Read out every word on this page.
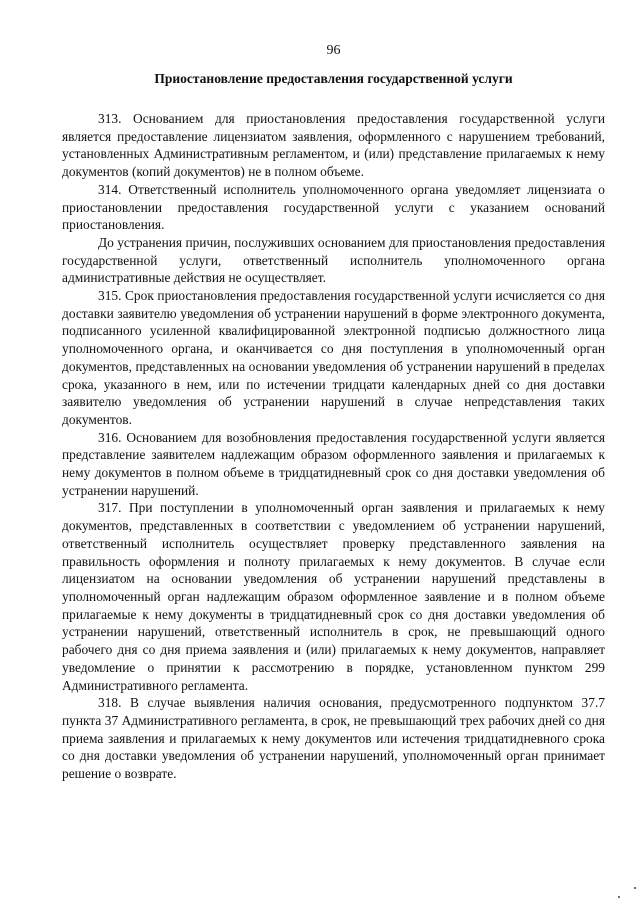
96
Приостановление предоставления государственной услуги

313. Основанием для приостановления предоставления государственной услуги является предоставление лицензиатом заявления, оформленного с нарушением требований, установленных Административным регламентом, и (или) представление прилагаемых к нему документов (копий документов) не в полном объеме.

314. Ответственный исполнитель уполномоченного органа уведомляет лицензиата о приостановлении предоставления государственной услуги с указанием оснований приостановления.

До устранения причин, послуживших основанием для приостановления предоставления государственной услуги, ответственный исполнитель уполномоченного органа административные действия не осуществляет.

315. Срок приостановления предоставления государственной услуги исчисляется со дня доставки заявителю уведомления об устранении нарушений в форме электронного документа, подписанного усиленной квалифицированной электронной подписью должностного лица уполномоченного органа, и оканчивается со дня поступления в уполномоченный орган документов, представленных на основании уведомления об устранении нарушений в пределах срока, указанного в нем, или по истечении тридцати календарных дней со дня доставки заявителю уведомления об устранении нарушений в случае непредставления таких документов.

316. Основанием для возобновления предоставления государственной услуги является представление заявителем надлежащим образом оформленного заявления и прилагаемых к нему документов в полном объеме в тридцатидневный срок со дня доставки уведомления об устранении нарушений.

317. При поступлении в уполномоченный орган заявления и прилагаемых к нему документов, представленных в соответствии с уведомлением об устранении нарушений, ответственный исполнитель осуществляет проверку представленного заявления на правильность оформления и полноту прилагаемых к нему документов. В случае если лицензиатом на основании уведомления об устранении нарушений представлены в уполномоченный орган надлежащим образом оформленное заявление и в полном объеме прилагаемые к нему документы в тридцатидневный срок со дня доставки уведомления об устранении нарушений, ответственный исполнитель в срок, не превышающий одного рабочего дня со дня приема заявления и (или) прилагаемых к нему документов, направляет уведомление о принятии к рассмотрению в порядке, установленном пунктом 299 Административного регламента.

318. В случае выявления наличия основания, предусмотренного подпунктом 37.7 пункта 37 Административного регламента, в срок, не превышающий трех рабочих дней со дня приема заявления и прилагаемых к нему документов или истечения тридцатидневного срока со дня доставки уведомления об устранении нарушений, уполномоченный орган принимает решение о возврате.
